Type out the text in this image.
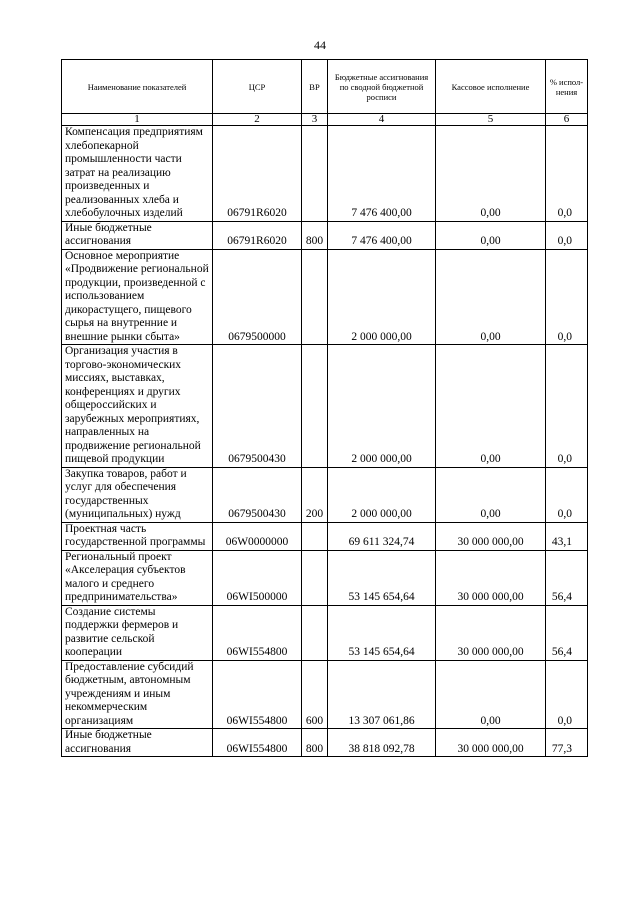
44
Наименование показателей	ЦСР	ВР	Бюджетные ассигнования по сводной бюджетной росписи	Кассовое исполнение	% испол-нения
1	2	3	4	5	6
Компенсация предприятиям хлебопекарной промышленности части затрат на реализацию произведенных и реализованных хлеба и хлебобулочных изделий	06791R6020		7 476 400,00	0,00	0,0
Иные бюджетные ассигнования	06791R6020	800	7 476 400,00	0,00	0,0
Основное мероприятие «Продвижение региональной продукции, произведенной с использованием дикорастущего, пищевого сырья на внутренние и внешние рынки сбыта»	0679500000		2 000 000,00	0,00	0,0
Организация участия в торгово-экономических миссиях, выставках, конференциях и других общероссийских и зарубежных мероприятиях, направленных на продвижение региональной пищевой продукции	0679500430		2 000 000,00	0,00	0,0
Закупка товаров, работ и услуг для обеспечения государственных (муниципальных) нужд	0679500430	200	2 000 000,00	0,00	0,0
Проектная часть государственной программы	06W0000000		69 611 324,74	30 000 000,00	43,1
Региональный проект «Акселерация субъектов малого и среднего предпринимательства»	06WI500000		53 145 654,64	30 000 000,00	56,4
Создание системы поддержки фермеров и развитие сельской кооперации	06WI554800		53 145 654,64	30 000 000,00	56,4
Предоставление субсидий бюджетным, автономным учреждениям и иным некоммерческим организациям	06WI554800	600	13 307 061,86	0,00	0,0
Иные бюджетные ассигнования	06WI554800	800	38 818 092,78	30 000 000,00	77,3
